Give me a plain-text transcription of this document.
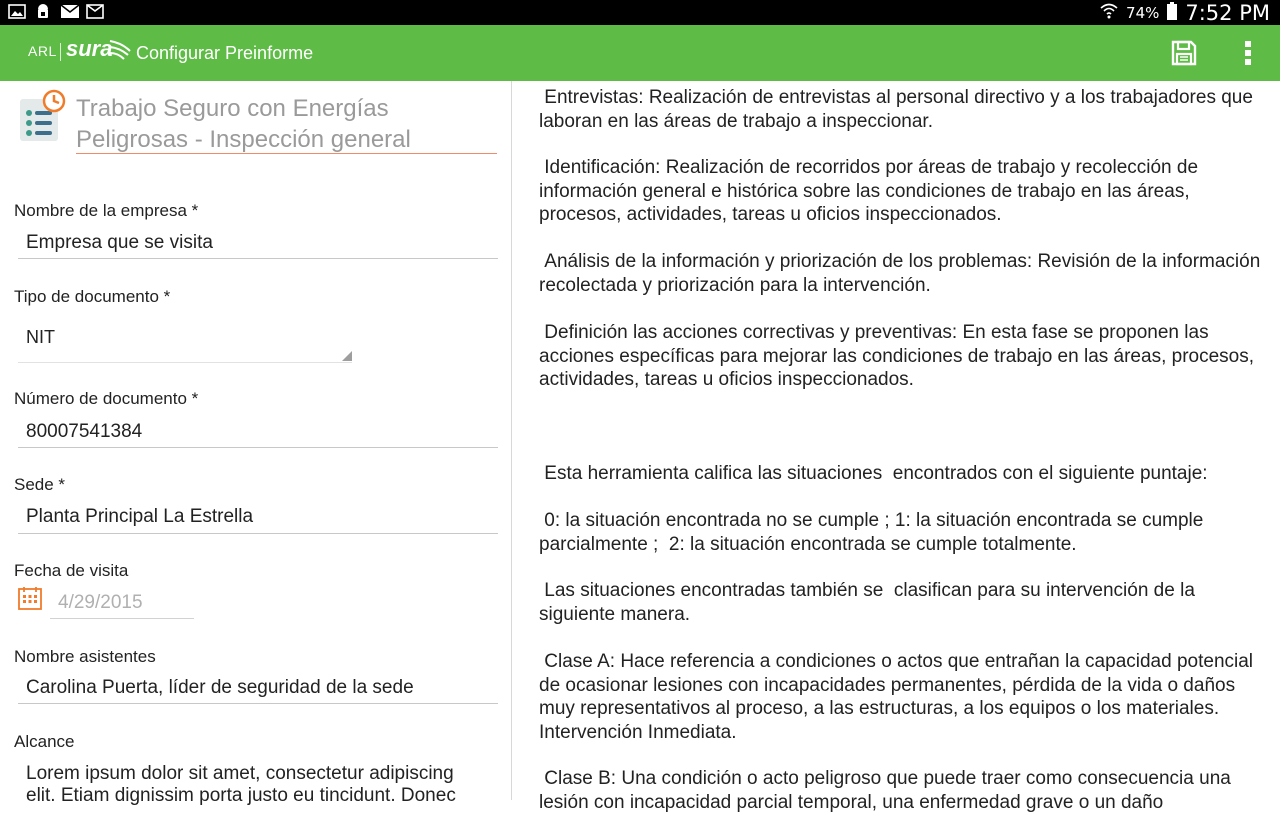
74% 7:52 PM
ARL sura Configurar Preinforme
Trabajo Seguro con Energías
Peligrosas - Inspección general
Nombre de la empresa *
Empresa que se visita
Tipo de documento *
NIT
Número de documento *
80007541384
Sede *
Planta Principal La Estrella
Fecha de visita
4/29/2015
Nombre asistentes
Carolina Puerta, líder de seguridad de la sede
Alcance
Lorem ipsum dolor sit amet, consectetur adipiscing elit. Etiam dignissim porta justo eu tincidunt. Donec
Entrevistas: Realización de entrevistas al personal directivo y a los trabajadores que laboran en las áreas de trabajo a inspeccionar.
Identificación: Realización de recorridos por áreas de trabajo y recolección de información general e histórica sobre las condiciones de trabajo en las áreas, procesos, actividades, tareas u oficios inspeccionados.
Análisis de la información y priorización de los problemas: Revisión de la información recolectada y priorización para la intervención.
Definición las acciones correctivas y preventivas: En esta fase se proponen las acciones específicas para mejorar las condiciones de trabajo en las áreas, procesos, actividades, tareas u oficios inspeccionados.
Esta herramienta califica las situaciones  encontrados con el siguiente puntaje:
0: la situación encontrada no se cumple ; 1: la situación encontrada se cumple parcialmente ;  2: la situación encontrada se cumple totalmente.
Las situaciones encontradas también se  clasifican para su intervención de la siguiente manera.
Clase A: Hace referencia a condiciones o actos que entrañan la capacidad potencial de ocasionar lesiones con incapacidades permanentes, pérdida de la vida o daños muy representativos al proceso, a las estructuras, a los equipos o los materiales. Intervención Inmediata.
Clase B: Una condición o acto peligroso que puede traer como consecuencia una lesión con incapacidad parcial temporal, una enfermedad grave o un daño
